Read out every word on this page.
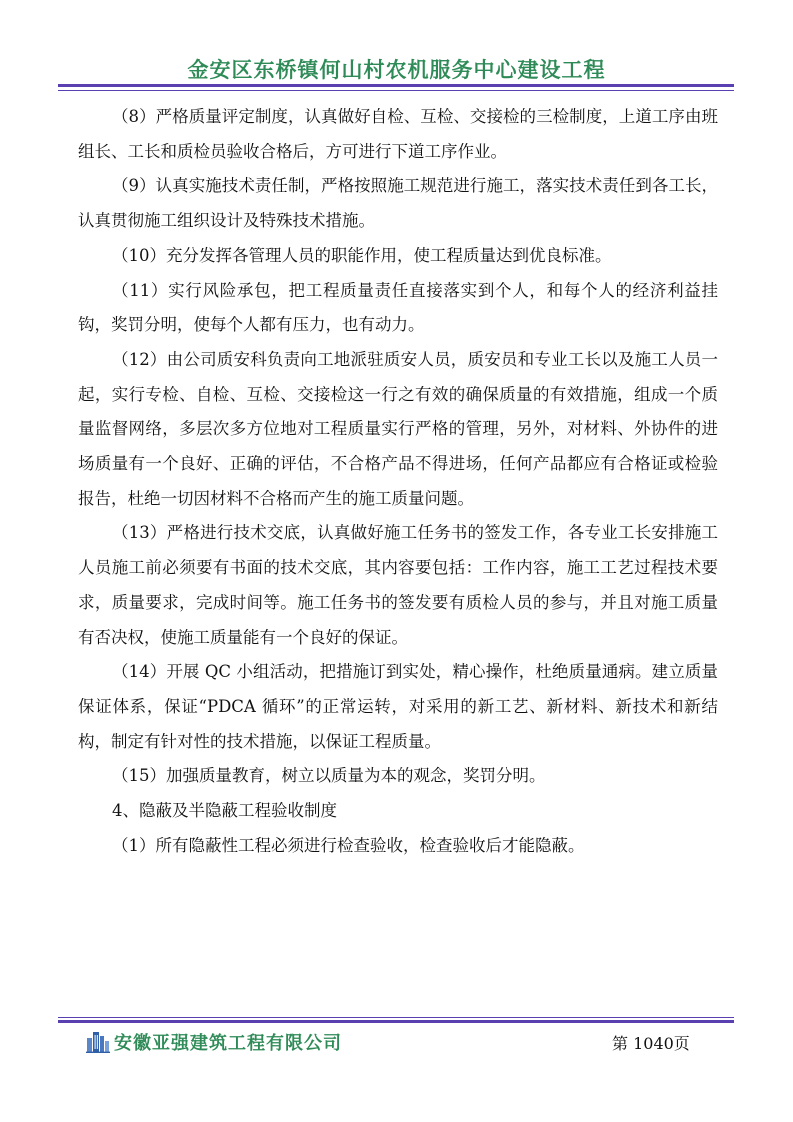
金安区东桥镇何山村农机服务中心建设工程

（8）严格质量评定制度，认真做好自检、互检、交接检的三检制度，上道工序由班组长、工长和质检员验收合格后，方可进行下道工序作业。

（9）认真实施技术责任制，严格按照施工规范进行施工，落实技术责任到各工长，认真贯彻施工组织设计及特殊技术措施。

（10）充分发挥各管理人员的职能作用，使工程质量达到优良标准。

（11）实行风险承包，把工程质量责任直接落实到个人，和每个人的经济利益挂钩，奖罚分明，使每个人都有压力，也有动力。

（12）由公司质安科负责向工地派驻质安人员，质安员和专业工长以及施工人员一起，实行专检、自检、互检、交接检这一行之有效的确保质量的有效措施，组成一个质量监督网络，多层次多方位地对工程质量实行严格的管理，另外，对材料、外协件的进场质量有一个良好、正确的评估，不合格产品不得进场，任何产品都应有合格证或检验报告，杜绝一切因材料不合格而产生的施工质量问题。

（13）严格进行技术交底，认真做好施工任务书的签发工作，各专业工长安排施工人员施工前必须要有书面的技术交底，其内容要包括：工作内容，施工工艺过程技术要求，质量要求，完成时间等。施工任务书的签发要有质检人员的参与，并且对施工质量有否决权，使施工质量能有一个良好的保证。

（14）开展 QC 小组活动，把措施订到实处，精心操作，杜绝质量通病。建立质量保证体系，保证“PDCA 循环”的正常运转，对采用的新工艺、新材料、新技术和新结构，制定有针对性的技术措施，以保证工程质量。

（15）加强质量教育，树立以质量为本的观念，奖罚分明。

4、隐蔽及半隐蔽工程验收制度

（1）所有隐蔽性工程必须进行检查验收，检查验收后才能隐蔽。

安徽亚强建筑工程有限公司	第 1040页
